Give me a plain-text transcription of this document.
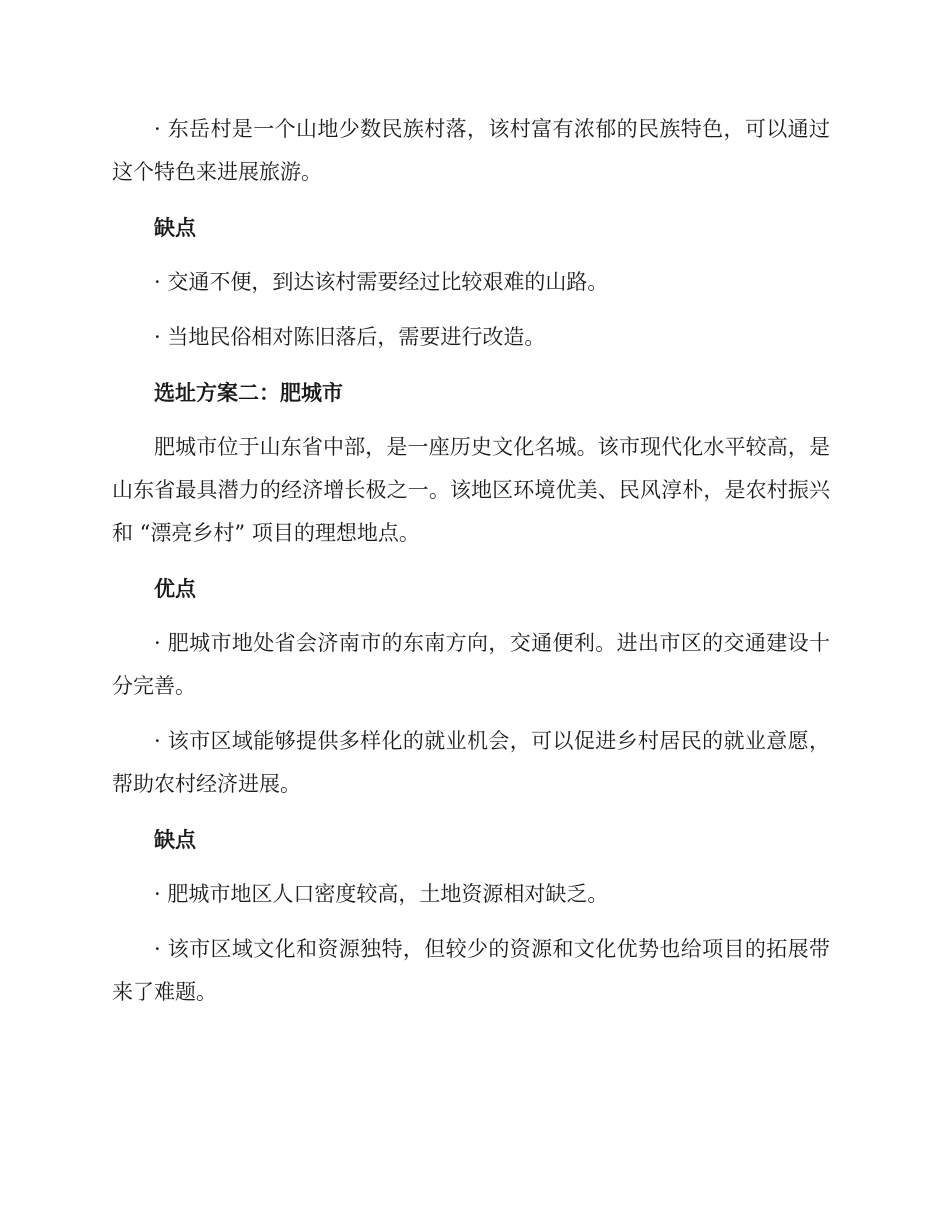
· 东岳村是一个山地少数民族村落，该村富有浓郁的民族特色，可以通过这个特色来进展旅游。

缺点

· 交通不便，到达该村需要经过比较艰难的山路。

· 当地民俗相对陈旧落后，需要进行改造。

选址方案二：肥城市

肥城市位于山东省中部，是一座历史文化名城。该市现代化水平较高，是山东省最具潜力的经济增长极之一。该地区环境优美、民风淳朴，是农村振兴和 “漂亮乡村” 项目的理想地点。

优点

· 肥城市地处省会济南市的东南方向，交通便利。进出市区的交通建设十分完善。

· 该市区域能够提供多样化的就业机会，可以促进乡村居民的就业意愿，帮助农村经济进展。

缺点

· 肥城市地区人口密度较高，土地资源相对缺乏。

· 该市区域文化和资源独特，但较少的资源和文化优势也给项目的拓展带来了难题。
